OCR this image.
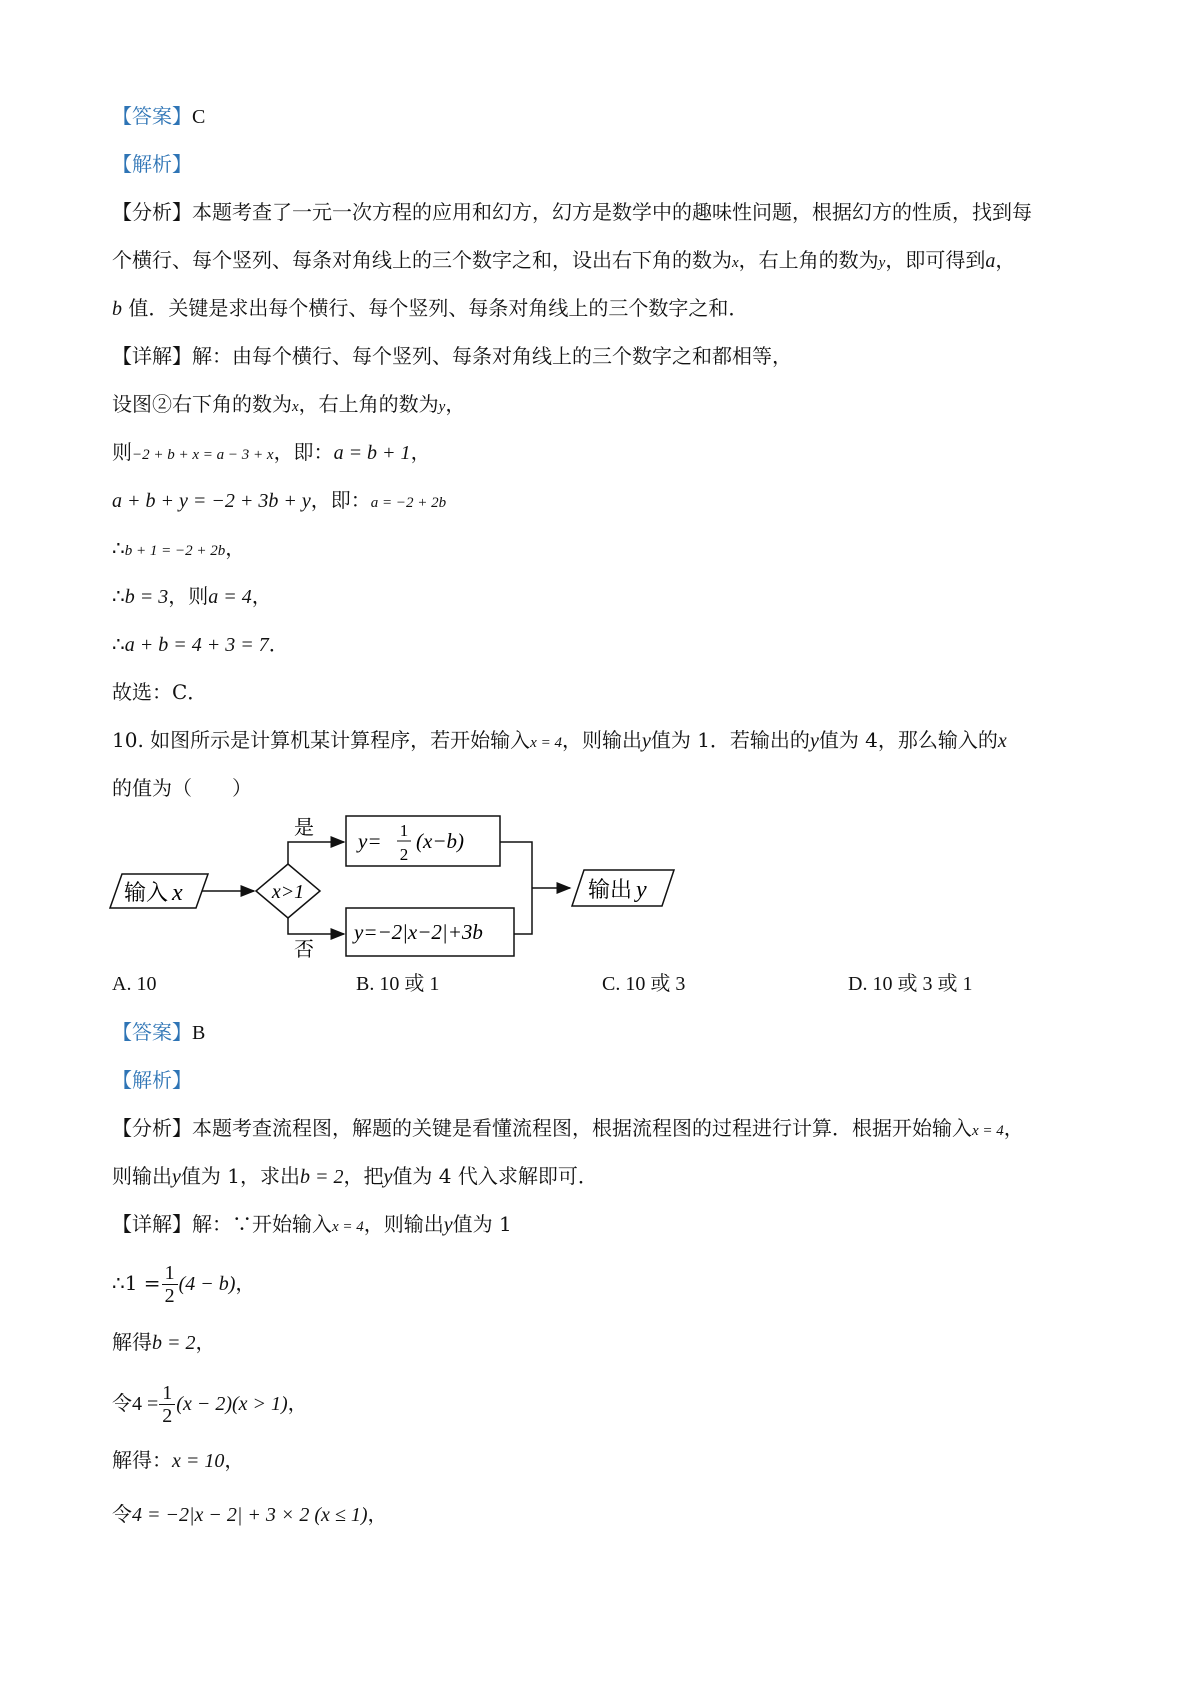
【答案】C
【解析】
【分析】本题考查了一元一次方程的应用和幻方，幻方是数学中的趣味性问题，根据幻方的性质，找到每
个横行、每个竖列、每条对角线上的三个数字之和，设出右下角的数为x，右上角的数为y，即可得到a，
b 值．关键是求出每个横行、每个竖列、每条对角线上的三个数字之和．
【详解】解：由每个横行、每个竖列、每条对角线上的三个数字之和都相等，
设图②右下角的数为x，右上角的数为y，
则−2 + b + x = a − 3 + x，即：a = b + 1，
a + b + y = −2 + 3b + y，即：a = −2 + 2b
∴b + 1 = −2 + 2b，
∴b = 3，则a = 4，
∴a + b = 4 + 3 = 7．
故选：C．
10. 如图所示是计算机某计算程序，若开始输入x = 4，则输出y值为 1．若输出的y值为 4，那么输入的x
的值为（　　）
输入 x	x>1
是
否
y= 1
2
(x−b)
y=−2|x−2|+3b
输出 y
A. 10	B. 10 或 1	C. 10 或 3	D. 10 或 3 或 1
【答案】B
【解析】
【分析】本题考查流程图，解题的关键是看懂流程图，根据流程图的过程进行计算．根据开始输入x = 4，
则输出y值为 1，求出b = 2，把y值为 4 代入求解即可．
【详解】解：∵开始输入x = 4，则输出y值为 1
∴1 = $\frac{1}{2} (4 - b)$，
解得b = 2，
令$4 = \frac{1}{2} (x - 2)(x > 1)$，
解得：x = 10，
令4 = −2|x − 2| + 3 × 2 (x ≤ 1)，
